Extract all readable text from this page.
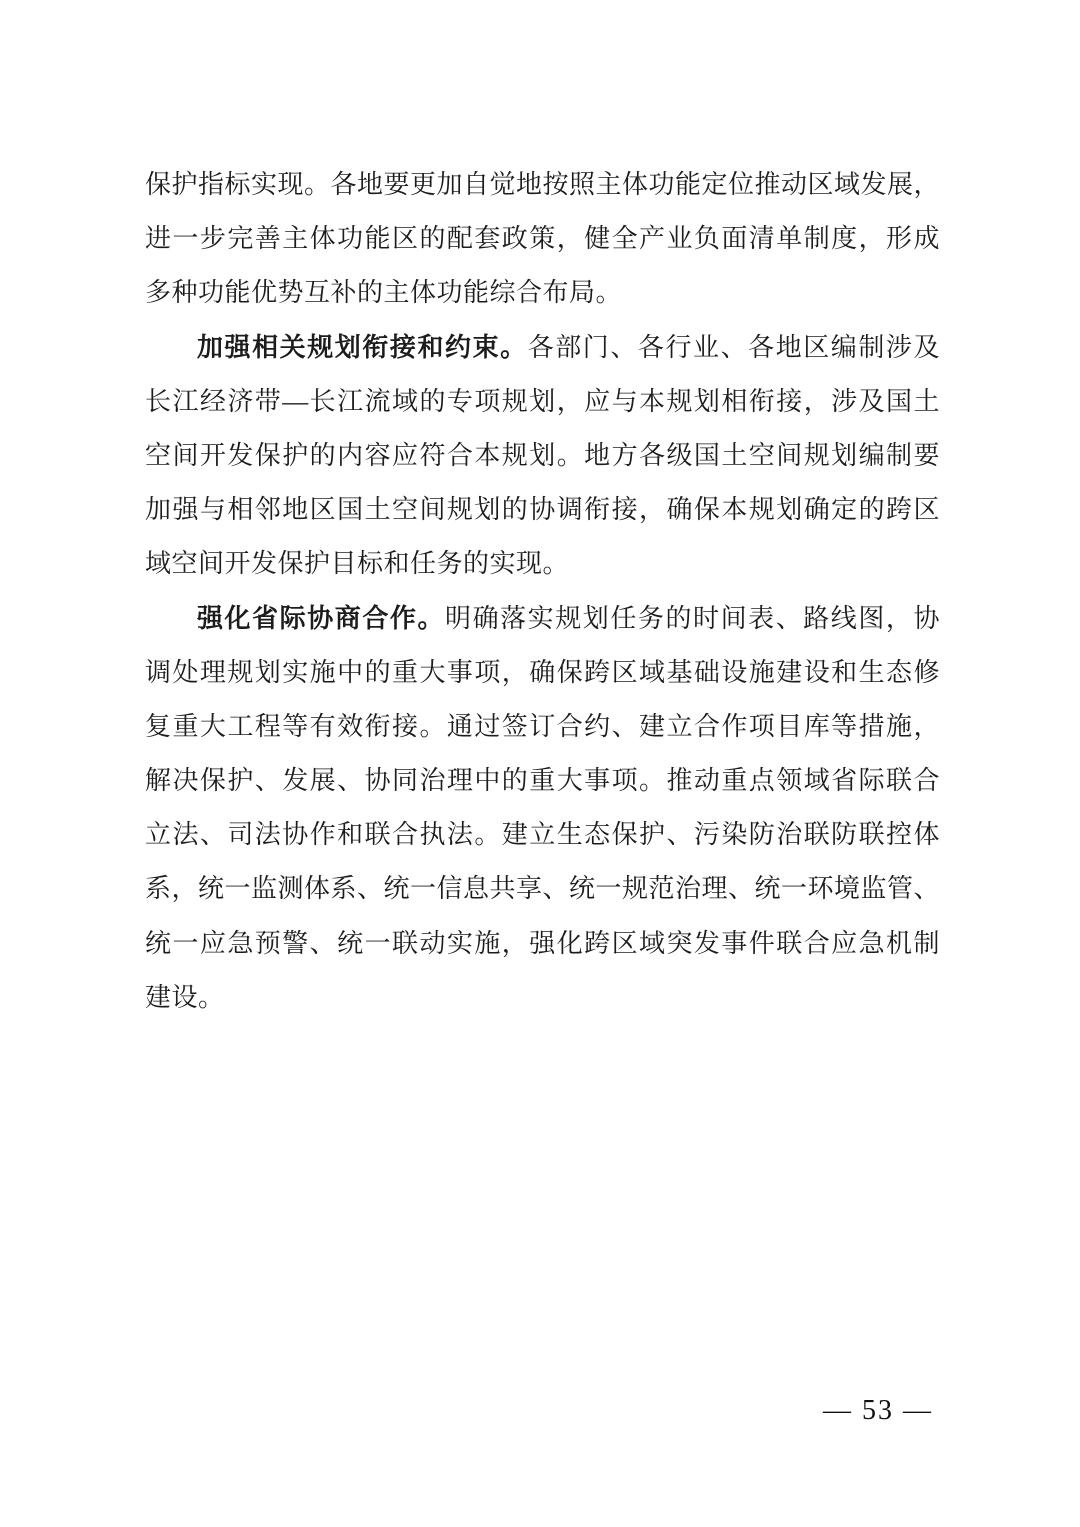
保护指标实现。各地要更加自觉地按照主体功能定位推动区域发展，
进一步完善主体功能区的配套政策，健全产业负面清单制度，形成
多种功能优势互补的主体功能综合布局。
加强相关规划衔接和约束。各部门、各行业、各地区编制涉及
长江经济带—长江流域的专项规划，应与本规划相衔接，涉及国土
空间开发保护的内容应符合本规划。地方各级国土空间规划编制要
加强与相邻地区国土空间规划的协调衔接，确保本规划确定的跨区
域空间开发保护目标和任务的实现。
强化省际协商合作。明确落实规划任务的时间表、路线图，协
调处理规划实施中的重大事项，确保跨区域基础设施建设和生态修
复重大工程等有效衔接。通过签订合约、建立合作项目库等措施，
解决保护、发展、协同治理中的重大事项。推动重点领域省际联合
立法、司法协作和联合执法。建立生态保护、污染防治联防联控体
系，统一监测体系、统一信息共享、统一规范治理、统一环境监管、
统一应急预警、统一联动实施，强化跨区域突发事件联合应急机制
建设。

— 53 —
